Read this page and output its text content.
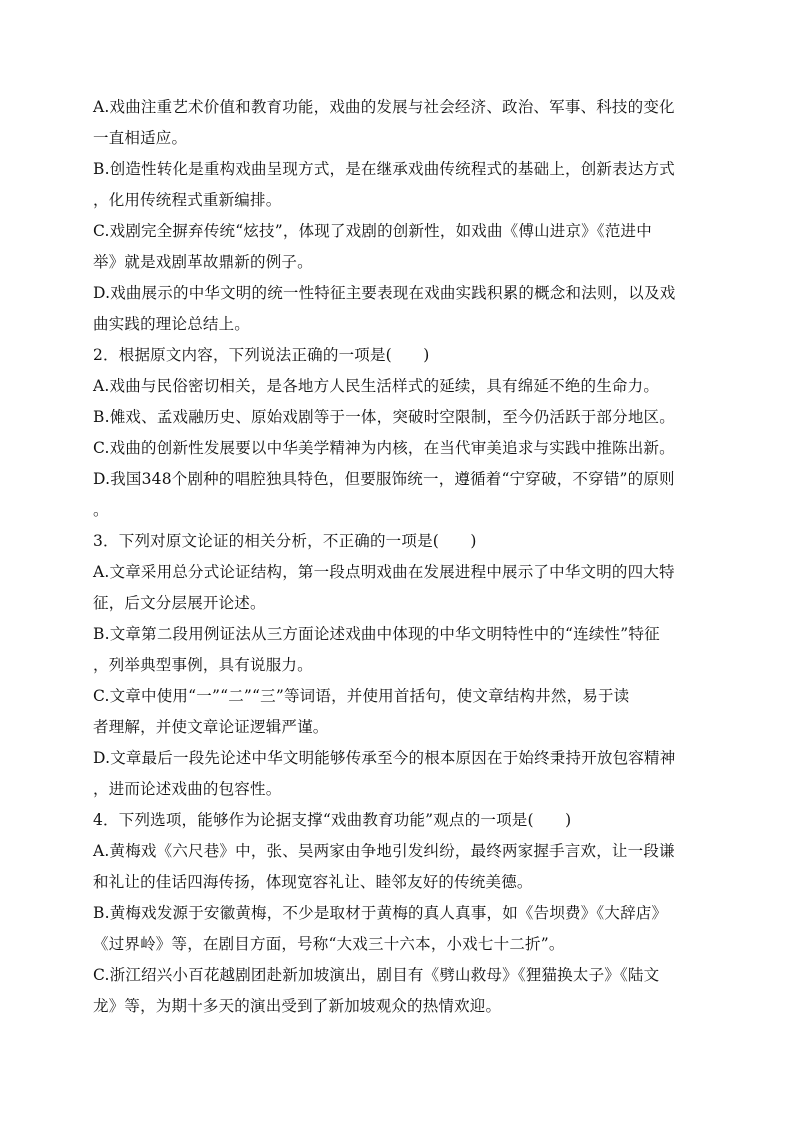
A.戏曲注重艺术价值和教育功能，戏曲的发展与社会经济、政治、军事、科技的变化
一直相适应。
B.创造性转化是重构戏曲呈现方式，是在继承戏曲传统程式的基础上，创新表达方式
，化用传统程式重新编排。
C.戏剧完全摒弃传统“炫技”，体现了戏剧的创新性，如戏曲《傅山进京》《范进中
举》就是戏剧革故鼎新的例子。
D.戏曲展示的中华文明的统一性特征主要表现在戏曲实践积累的概念和法则，以及戏
曲实践的理论总结上。
2．根据原文内容，下列说法正确的一项是(　　)
A.戏曲与民俗密切相关，是各地方人民生活样式的延续，具有绵延不绝的生命力。
B.傩戏、孟戏融历史、原始戏剧等于一体，突破时空限制，至今仍活跃于部分地区。
C.戏曲的创新性发展要以中华美学精神为内核，在当代审美追求与实践中推陈出新。
D.我国348个剧种的唱腔独具特色，但要服饰统一，遵循着“宁穿破，不穿错”的原则
。
3．下列对原文论证的相关分析，不正确的一项是(　　)
A.文章采用总分式论证结构，第一段点明戏曲在发展进程中展示了中华文明的四大特
征，后文分层展开论述。
B.文章第二段用例证法从三方面论述戏曲中体现的中华文明特性中的“连续性”特征
，列举典型事例，具有说服力。
C.文章中使用“一”“二”“三”等词语，并使用首括句，使文章结构井然，易于读
者理解，并使文章论证逻辑严谨。
D.文章最后一段先论述中华文明能够传承至今的根本原因在于始终秉持开放包容精神
，进而论述戏曲的包容性。
4．下列选项，能够作为论据支撑“戏曲教育功能”观点的一项是(　　)
A.黄梅戏《六尺巷》中，张、吴两家由争地引发纠纷，最终两家握手言欢，让一段谦
和礼让的佳话四海传扬，体现宽容礼让、睦邻友好的传统美德。
B.黄梅戏发源于安徽黄梅，不少是取材于黄梅的真人真事，如《告坝费》《大辞店》
《过界岭》等，在剧目方面，号称“大戏三十六本，小戏七十二折”。
C.浙江绍兴小百花越剧团赴新加坡演出，剧目有《劈山救母》《狸猫换太子》《陆文
龙》等，为期十多天的演出受到了新加坡观众的热情欢迎。
